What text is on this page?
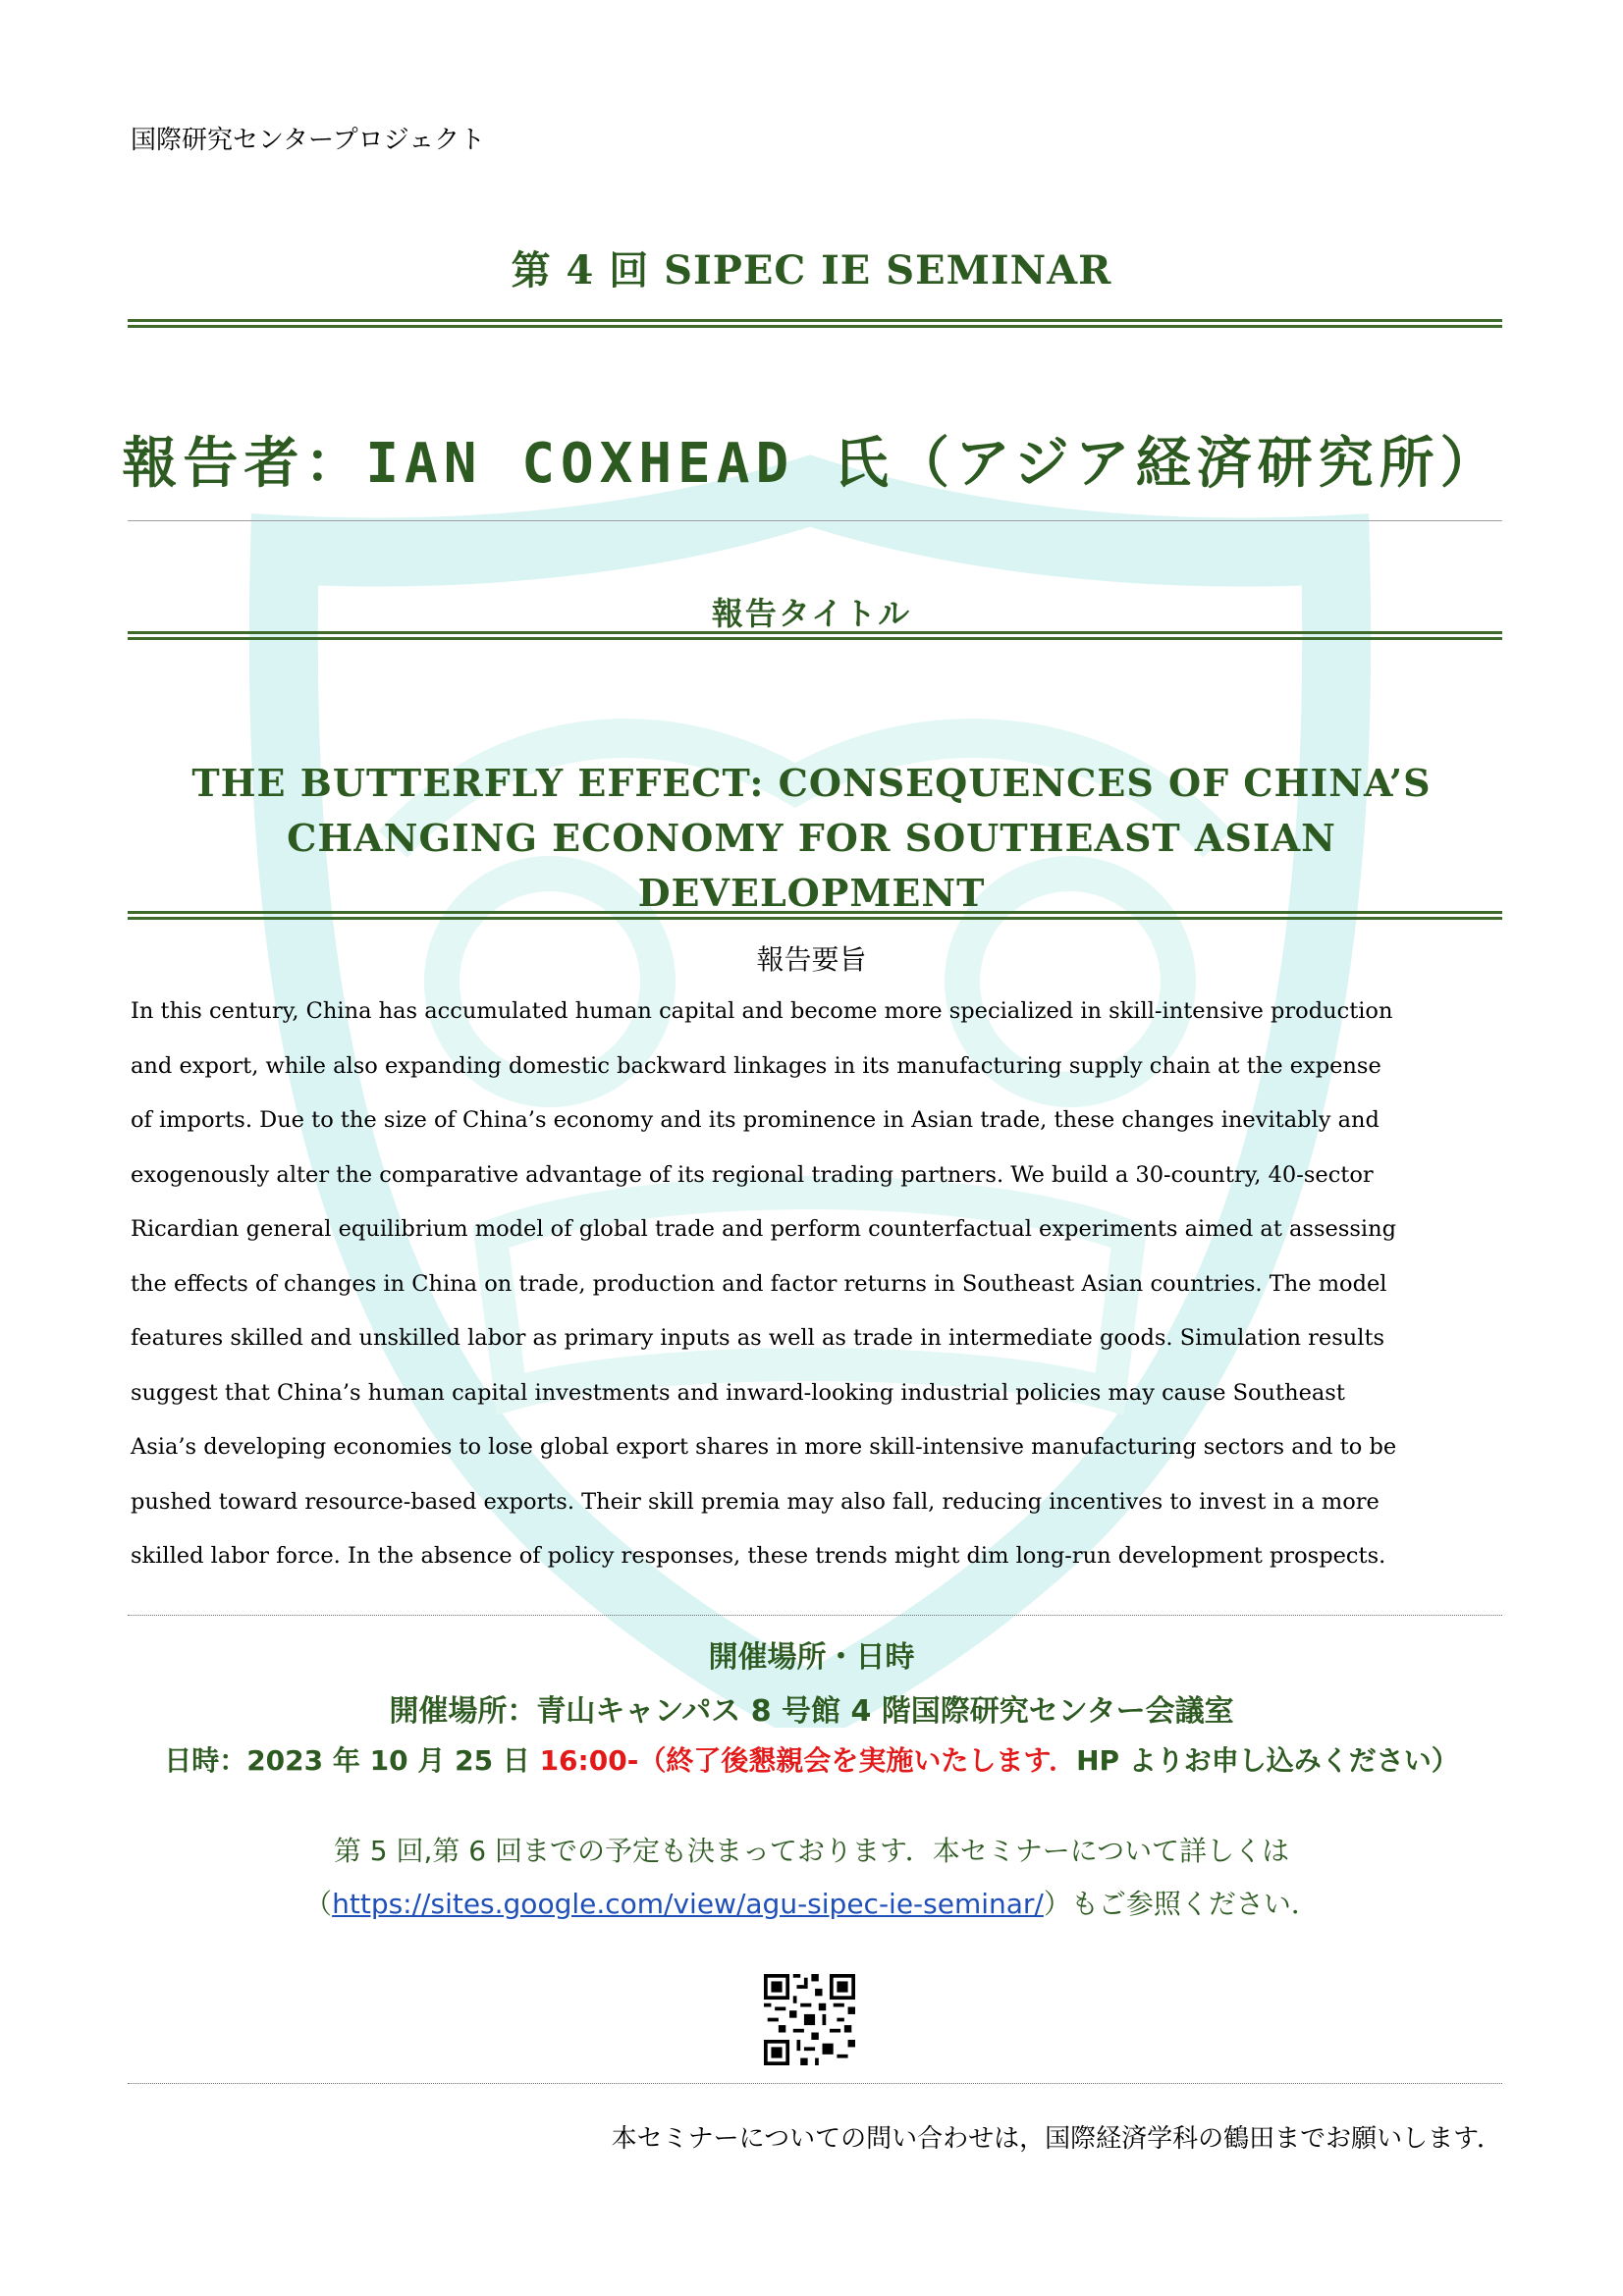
国際研究センタープロジェクト
第 4 回 SIPEC IE SEMINAR
報告者：IAN COXHEAD 氏（アジア経済研究所）
報告タイトル
THE BUTTERFLY EFFECT: CONSEQUENCES OF CHINA’S
CHANGING ECONOMY FOR SOUTHEAST ASIAN
DEVELOPMENT
報告要旨
In this century, China has accumulated human capital and become more specialized in skill-intensive production
and export, while also expanding domestic backward linkages in its manufacturing supply chain at the expense
of imports. Due to the size of China’s economy and its prominence in Asian trade, these changes inevitably and
exogenously alter the comparative advantage of its regional trading partners. We build a 30-country, 40-sector
Ricardian general equilibrium model of global trade and perform counterfactual experiments aimed at assessing
the effects of changes in China on trade, production and factor returns in Southeast Asian countries. The model
features skilled and unskilled labor as primary inputs as well as trade in intermediate goods. Simulation results
suggest that China’s human capital investments and inward-looking industrial policies may cause Southeast
Asia’s developing economies to lose global export shares in more skill-intensive manufacturing sectors and to be
pushed toward resource-based exports. Their skill premia may also fall, reducing incentives to invest in a more
skilled labor force. In the absence of policy responses, these trends might dim long-run development prospects.
開催場所・日時
開催場所：青山キャンパス 8 号館 4 階国際研究センター会議室
日時：2023 年 10 月 25 日 16:00-（終了後懇親会を実施いたします．HP よりお申し込みください）
第 5 回,第 6 回までの予定も決まっております．本セミナーについて詳しくは
（https://sites.google.com/view/agu-sipec-ie-seminar/）もご参照ください．
本セミナーについての問い合わせは，国際経済学科の鶴田までお願いします．
